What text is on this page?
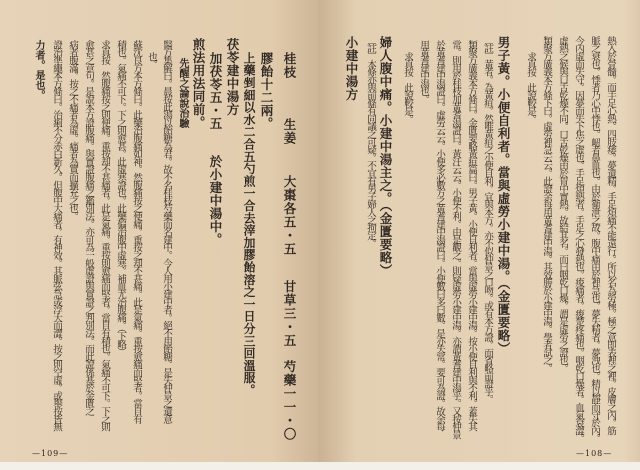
桂枝
生姜
大棗各五・五
甘草三・五
芍藥一一・〇
膠飴十二兩。
上藥剉細以水二合五勺煎一合去滓加膠飴溶之一日分三回溫服。
茯苓建中湯方
加茯苓五・五
於小建中湯中。
煎法用法同前。
先醒之論說治驗
醫方集解曰。晨按此湯以飴糖為君。故不名桂枝芍藥而名建中。今人用小建中者。絕不用飴糖。是失仲景之遺意
也。
蘇沈良方本方條曰。此藥治腹痛如神。然腹痛按之便痛。重按之却不甚痛。此是氣痛。重按愈痛而堅者。當自有
積也。氣痛不可下。下之則愈甚。此虛寒證也。此藥偏治腹中虛寒。補血尤治腹痛。（下略）
求真按　然腹痛按之則便痛。重按却不甚痛者。此是氣痛。重按則愈痛而堅者。當自有積也。氣痛不可下。下之則
愈甚之章句。是說本方證腹痛。與實證腹痛之鑑別法。亦可為一般虛證與實證之判別法。而此說係基於金匱之
病者腹滿。按之不痛者為虛。痛者為實而擴充之也。
證治準繩本方條曰。治痢不分赤白新久。但腹中大痛者。有神效。其脈弦急或浮大而澀。按之則空虛。或舉按皆無
力者。是也。
—109—
熱入於骨髓。而手足心熱。四肢痿。夢遺精。手足煩痛不能遠行。所以名為勞極。極之意即表裡之裡。皮膚之內。筋
脈之衰也。悸者乃心中悸也。衄者鼻血也。由於衛泄之故。腹中痛由於裡急也。夢失精者。夢洩也。精以靜而守於內。
今內虛而失守。因夢而失下焦之虛也。手足煩熱者。手足之心發熱也。痠痛者。痠楚疼痛也。咽乾口燥者。血氣衰澀。
虛熱之候與口舌乾燥不同。口舌乾燥由於胃中實熱。故給其名。而曰咽乾口燥。謂是虛勞之證也。
類聚方廣義本方條下曰。虛勞裡急云云。此證余每用黃耆建中湯。其效勝於小建中湯。學者試之。
求真按　此說較是。
男子黃。小便自利者。當與虛勞小建中湯。（金匱要略）
〔註〕黃者。為黃疸。然唯黃疸之小便自利。宜與本方。亦不似仲景之口吻。或有本方證。而省略前證乎。
類聚方廣義本方條曰。金匱要略黃疸篇曰。男子黃。小便自利者。當與虛勞小建中湯。按小便自利與不利。蓋失其
常。則用於桂枝加黃耆湯證曰。黃汗云云。小便不利。由是觀之。則疑虛勞小建中湯。亦謂黃耆建中湯乎。又按仲景
於黃耆建中湯證曰。虛勞云云。小便多必數方之黃耆建中湯證曰。小便數曰多曰數。是亦失常。要可為證。故余每
用黃耆建中湯也。
求真按　此說較是。
婦人腹中痛。小建中湯主之。（金匱要略）
〔註〕本條亦與前條有同議之可疑。不宜有男子婦人之拘定。
小建中湯方
—108—
